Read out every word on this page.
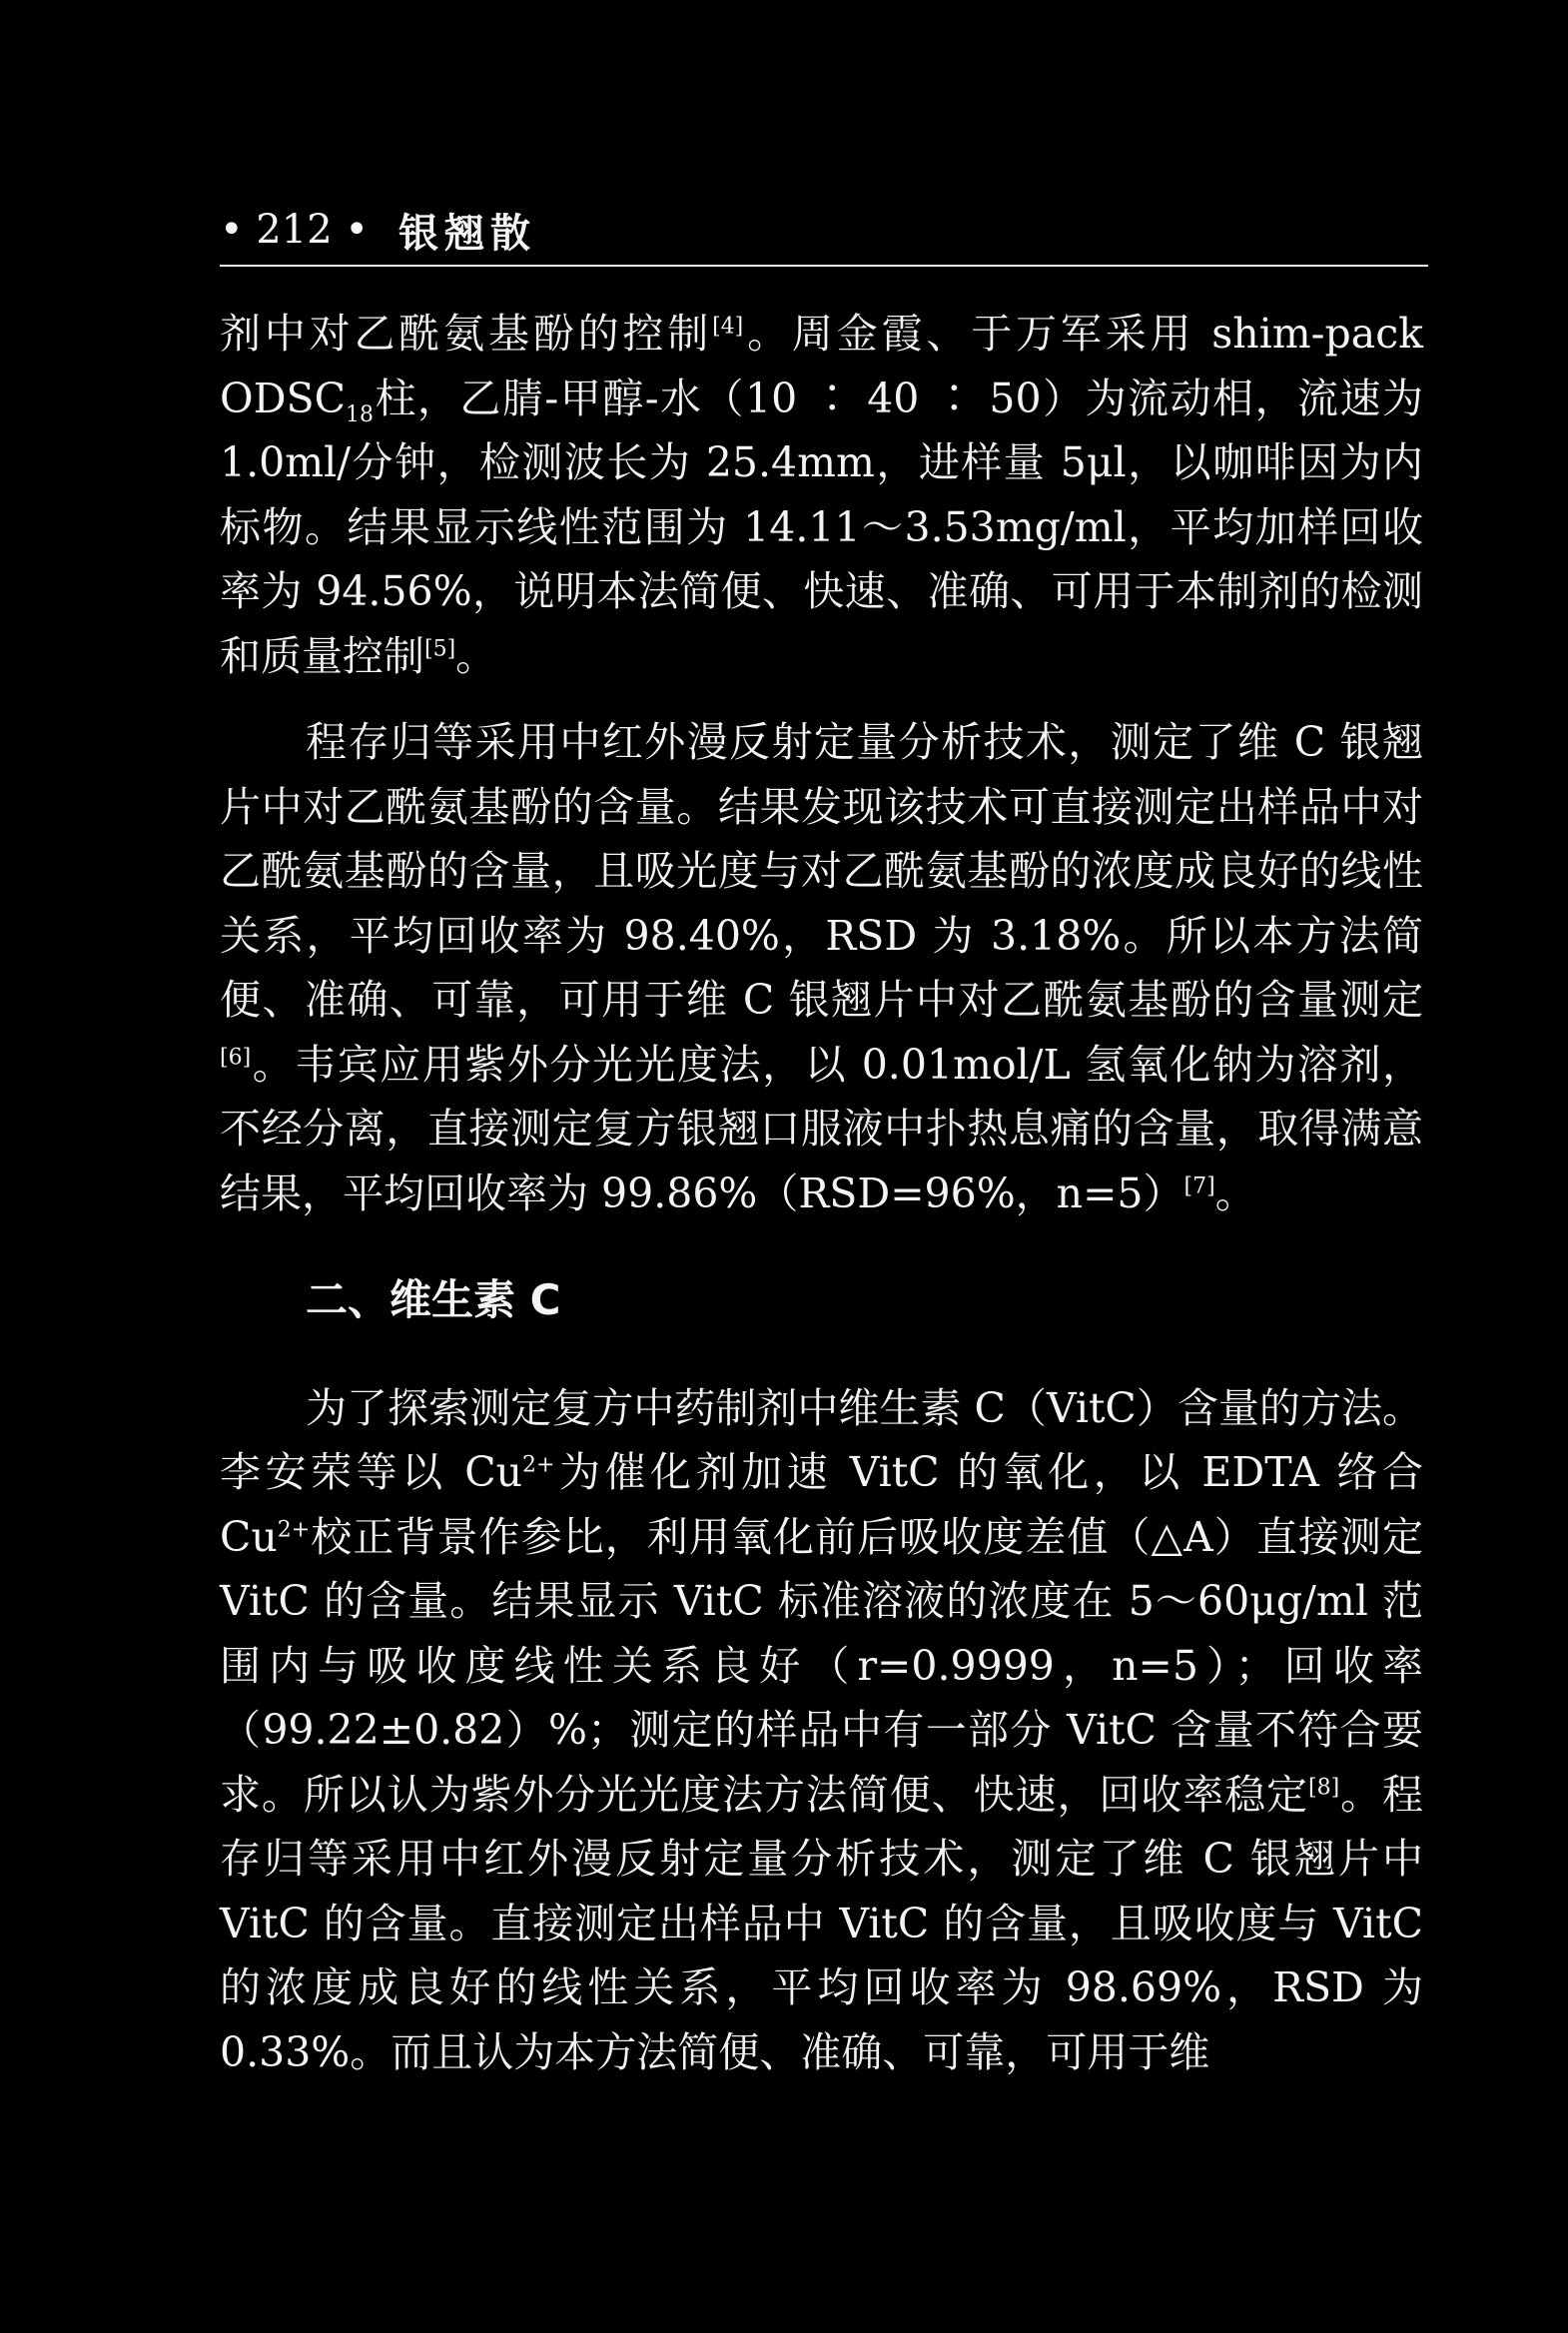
• 212 • 银翘散

剂中对乙酰氨基酚的控制[4]。周金霞、于万军采用 shim-pack $ODSC_{18}$柱，乙腈-甲醇-水（10 ∶ 40 ∶ 50）为流动相，流速为 1.0ml/分钟，检测波长为 25.4mm，进样量 5μl，以咖啡因为内标物。结果显示线性范围为 14.11～3.53mg/ml，平均加样回收率为 94.56%，说明本法简便、快速、准确、可用于本制剂的检测和质量控制[5]。

程存归等采用中红外漫反射定量分析技术，测定了维 C 银翘片中对乙酰氨基酚的含量。结果发现该技术可直接测定出样品中对乙酰氨基酚的含量，且吸光度与对乙酰氨基酚的浓度成良好的线性关系，平均回收率为 98.40%，RSD 为 3.18%。所以本方法简便、准确、可靠，可用于维 C 银翘片中对乙酰氨基酚的含量测定[6]。韦宾应用紫外分光光度法，以 0.01mol/L 氢氧化钠为溶剂，不经分离，直接测定复方银翘口服液中扑热息痛的含量，取得满意结果，平均回收率为 99.86%（RSD=96%，n=5）[7]。

二、维生素 C

为了探索测定复方中药制剂中维生素 C（VitC）含量的方法。李安荣等以 $Cu^{2+}$为催化剂加速 VitC 的氧化，以 EDTA 络合 $Cu^{2+}$校正背景作参比，利用氧化前后吸收度差值（△A）直接测定 VitC 的含量。结果显示 VitC 标准溶液的浓度在 5～60μg/ml 范围内与吸收度线性关系良好（r=0.9999，n=5）；回收率（99.22±0.82）%；测定的样品中有一部分 VitC 含量不符合要求。所以认为紫外分光光度法方法简便、快速，回收率稳定[8]。程存归等采用中红外漫反射定量分析技术，测定了维 C 银翘片中 VitC 的含量。直接测定出样品中 VitC 的含量，且吸收度与 VitC 的浓度成良好的线性关系，平均回收率为 98.69%，RSD 为 0.33%。而且认为本方法简便、准确、可靠，可用于维
